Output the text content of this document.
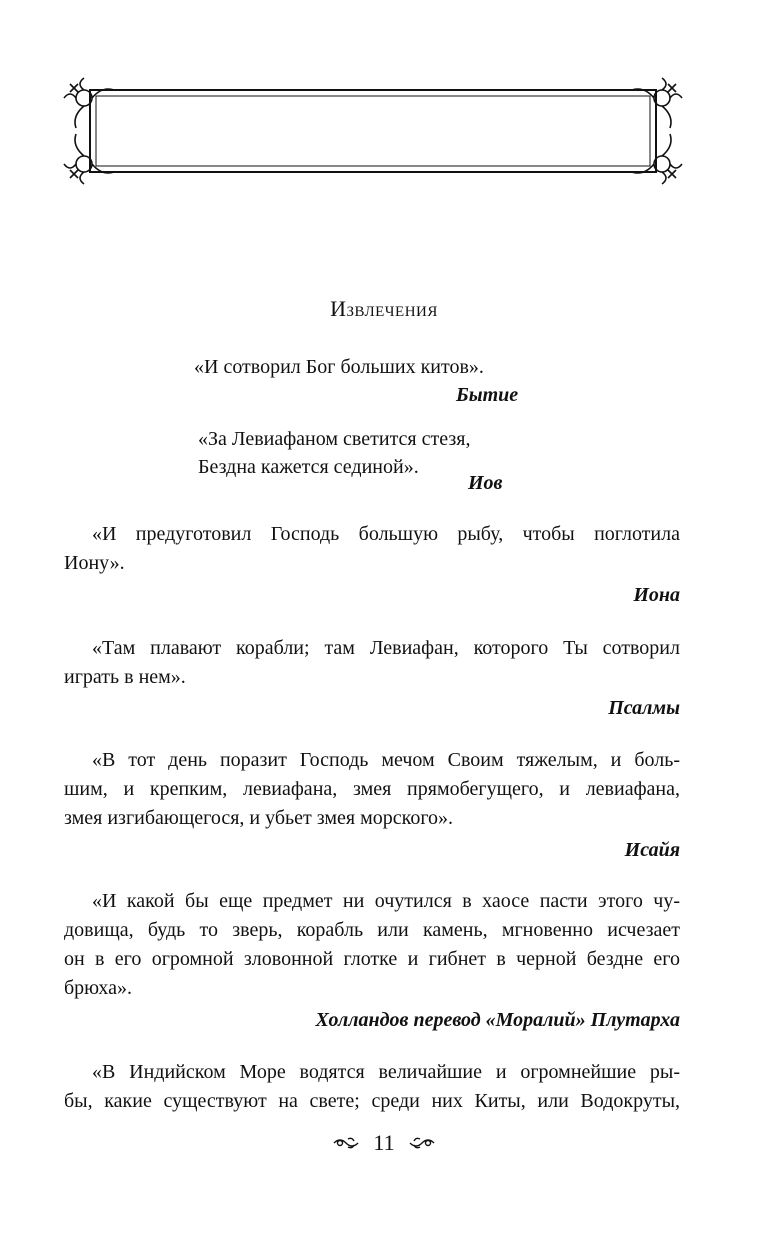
Извлечения
«И сотворил Бог больших китов».
Бытие
«За Левиафаном светится стезя,
Бездна кажется сединой».
Иов
«И предуготовил Господь большую рыбу, чтобы поглотила
Иону».
Иона
«Там плавают корабли; там Левиафан, которого Ты сотворил
играть в нем».
Псалмы
«В тот день поразит Господь мечом Своим тяжелым, и боль-
шим, и крепким, левиафана, змея прямобегущего, и левиафана,
змея изгибающегося, и убьет змея морского».
Исайя
«И какой бы еще предмет ни очутился в хаосе пасти этого чу-
довища, будь то зверь, корабль или камень, мгновенно исчезает
он в его огромной зловонной глотке и гибнет в черной бездне его
брюха».
Холландов перевод «Моралий» Плутарха
«В Индийском Море водятся величайшие и огромнейшие ры-
бы, какие существуют на свете; среди них Киты, или Водокруты,
11
